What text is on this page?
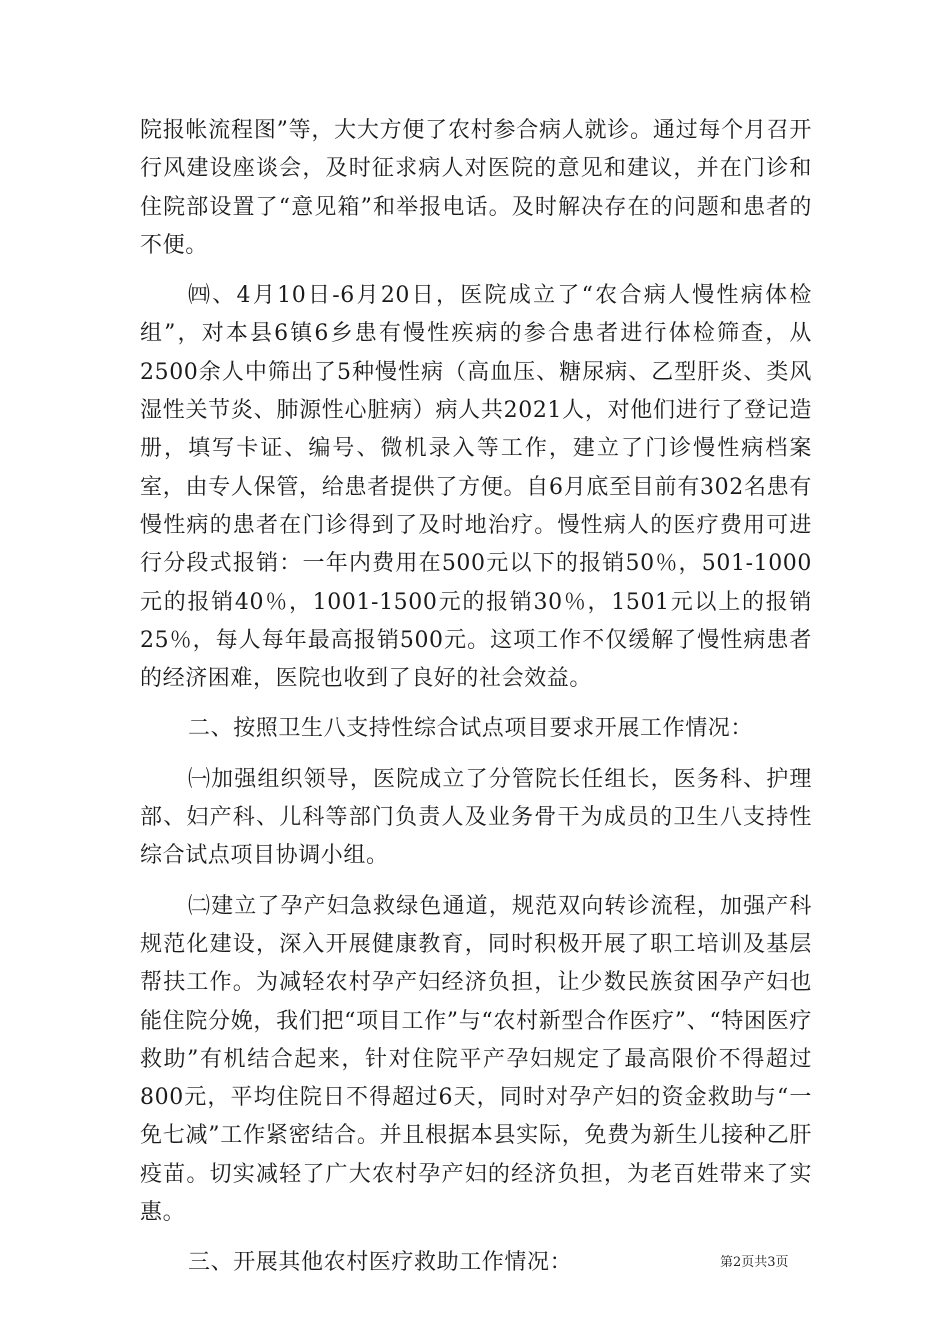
院报帐流程图”等，大大方便了农村参合病人就诊。通过每个月召开行风建设座谈会，及时征求病人对医院的意见和建议，并在门诊和住院部设置了“意见箱”和举报电话。及时解决存在的问题和患者的不便。

㈣、4月10日-6月20日，医院成立了“农合病人慢性病体检组”，对本县6镇6乡患有慢性疾病的参合患者进行体检筛查，从2500余人中筛出了5种慢性病（高血压、糖尿病、乙型肝炎、类风湿性关节炎、肺源性心脏病）病人共2021人，对他们进行了登记造册，填写卡证、编号、微机录入等工作，建立了门诊慢性病档案室，由专人保管，给患者提供了方便。自6月底至目前有302名患有慢性病的患者在门诊得到了及时地治疗。慢性病人的医疗费用可进行分段式报销：一年内费用在500元以下的报销50％，501-1000元的报销40％，1001-1500元的报销30％，1501元以上的报销25％，每人每年最高报销500元。这项工作不仅缓解了慢性病患者的经济困难，医院也收到了良好的社会效益。

二、按照卫生八支持性综合试点项目要求开展工作情况：

㈠加强组织领导，医院成立了分管院长任组长，医务科、护理部、妇产科、儿科等部门负责人及业务骨干为成员的卫生八支持性综合试点项目协调小组。

㈡建立了孕产妇急救绿色通道，规范双向转诊流程，加强产科规范化建设，深入开展健康教育，同时积极开展了职工培训及基层帮扶工作。为减轻农村孕产妇经济负担，让少数民族贫困孕产妇也能住院分娩，我们把“项目工作”与“农村新型合作医疗”、“特困医疗救助”有机结合起来，针对住院平产孕妇规定了最高限价不得超过800元，平均住院日不得超过6天，同时对孕产妇的资金救助与“一免七减”工作紧密结合。并且根据本县实际，免费为新生儿接种乙肝疫苗。切实减轻了广大农村孕产妇的经济负担，为老百姓带来了实惠。

三、开展其他农村医疗救助工作情况：	第2页共3页
